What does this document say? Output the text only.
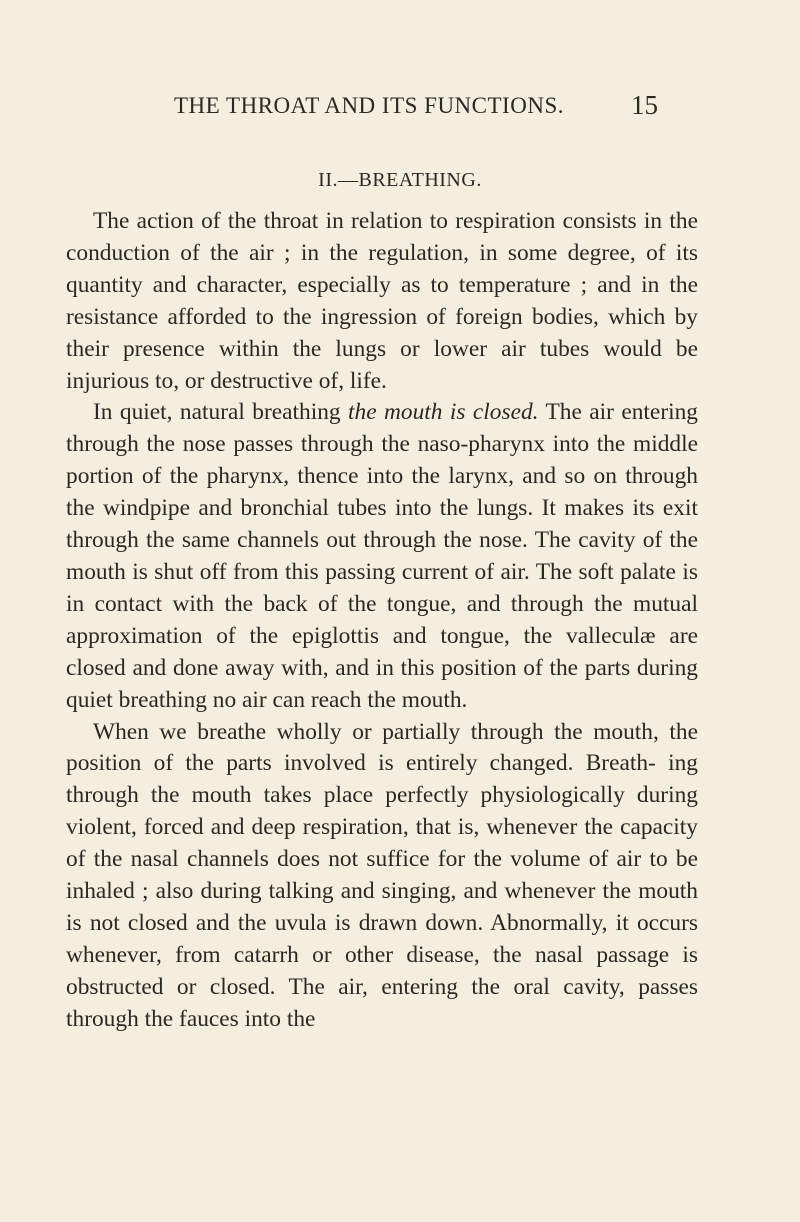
THE THROAT AND ITS FUNCTIONS. 15
II.—BREATHING.

The action of the throat in relation to respiration consists in the conduction of the air ; in the regulation, in some degree, of its quantity and character, especially as to temperature ; and in the resistance afforded to the ingression of foreign bodies, which by their presence within the lungs or lower air tubes would be injurious to, or destructive of, life.

In quiet, natural breathing the mouth is closed. The air entering through the nose passes through the naso-pharynx into the middle portion of the pharynx, thence into the larynx, and so on through the windpipe and bronchial tubes into the lungs. It makes its exit through the same channels out through the nose. The cavity of the mouth is shut off from this passing current of air. The soft palate is in contact with the back of the tongue, and through the mutual approximation of the epiglottis and tongue, the valleculæ are closed and done away with, and in this position of the parts during quiet breathing no air can reach the mouth.

When we breathe wholly or partially through the mouth, the position of the parts involved is entirely changed. Breath- ing through the mouth takes place perfectly physiologically during violent, forced and deep respiration, that is, whenever the capacity of the nasal channels does not suffice for the volume of air to be inhaled ; also during talking and singing, and whenever the mouth is not closed and the uvula is drawn down. Abnormally, it occurs whenever, from catarrh or other disease, the nasal passage is obstructed or closed. The air, entering the oral cavity, passes through the fauces into the
